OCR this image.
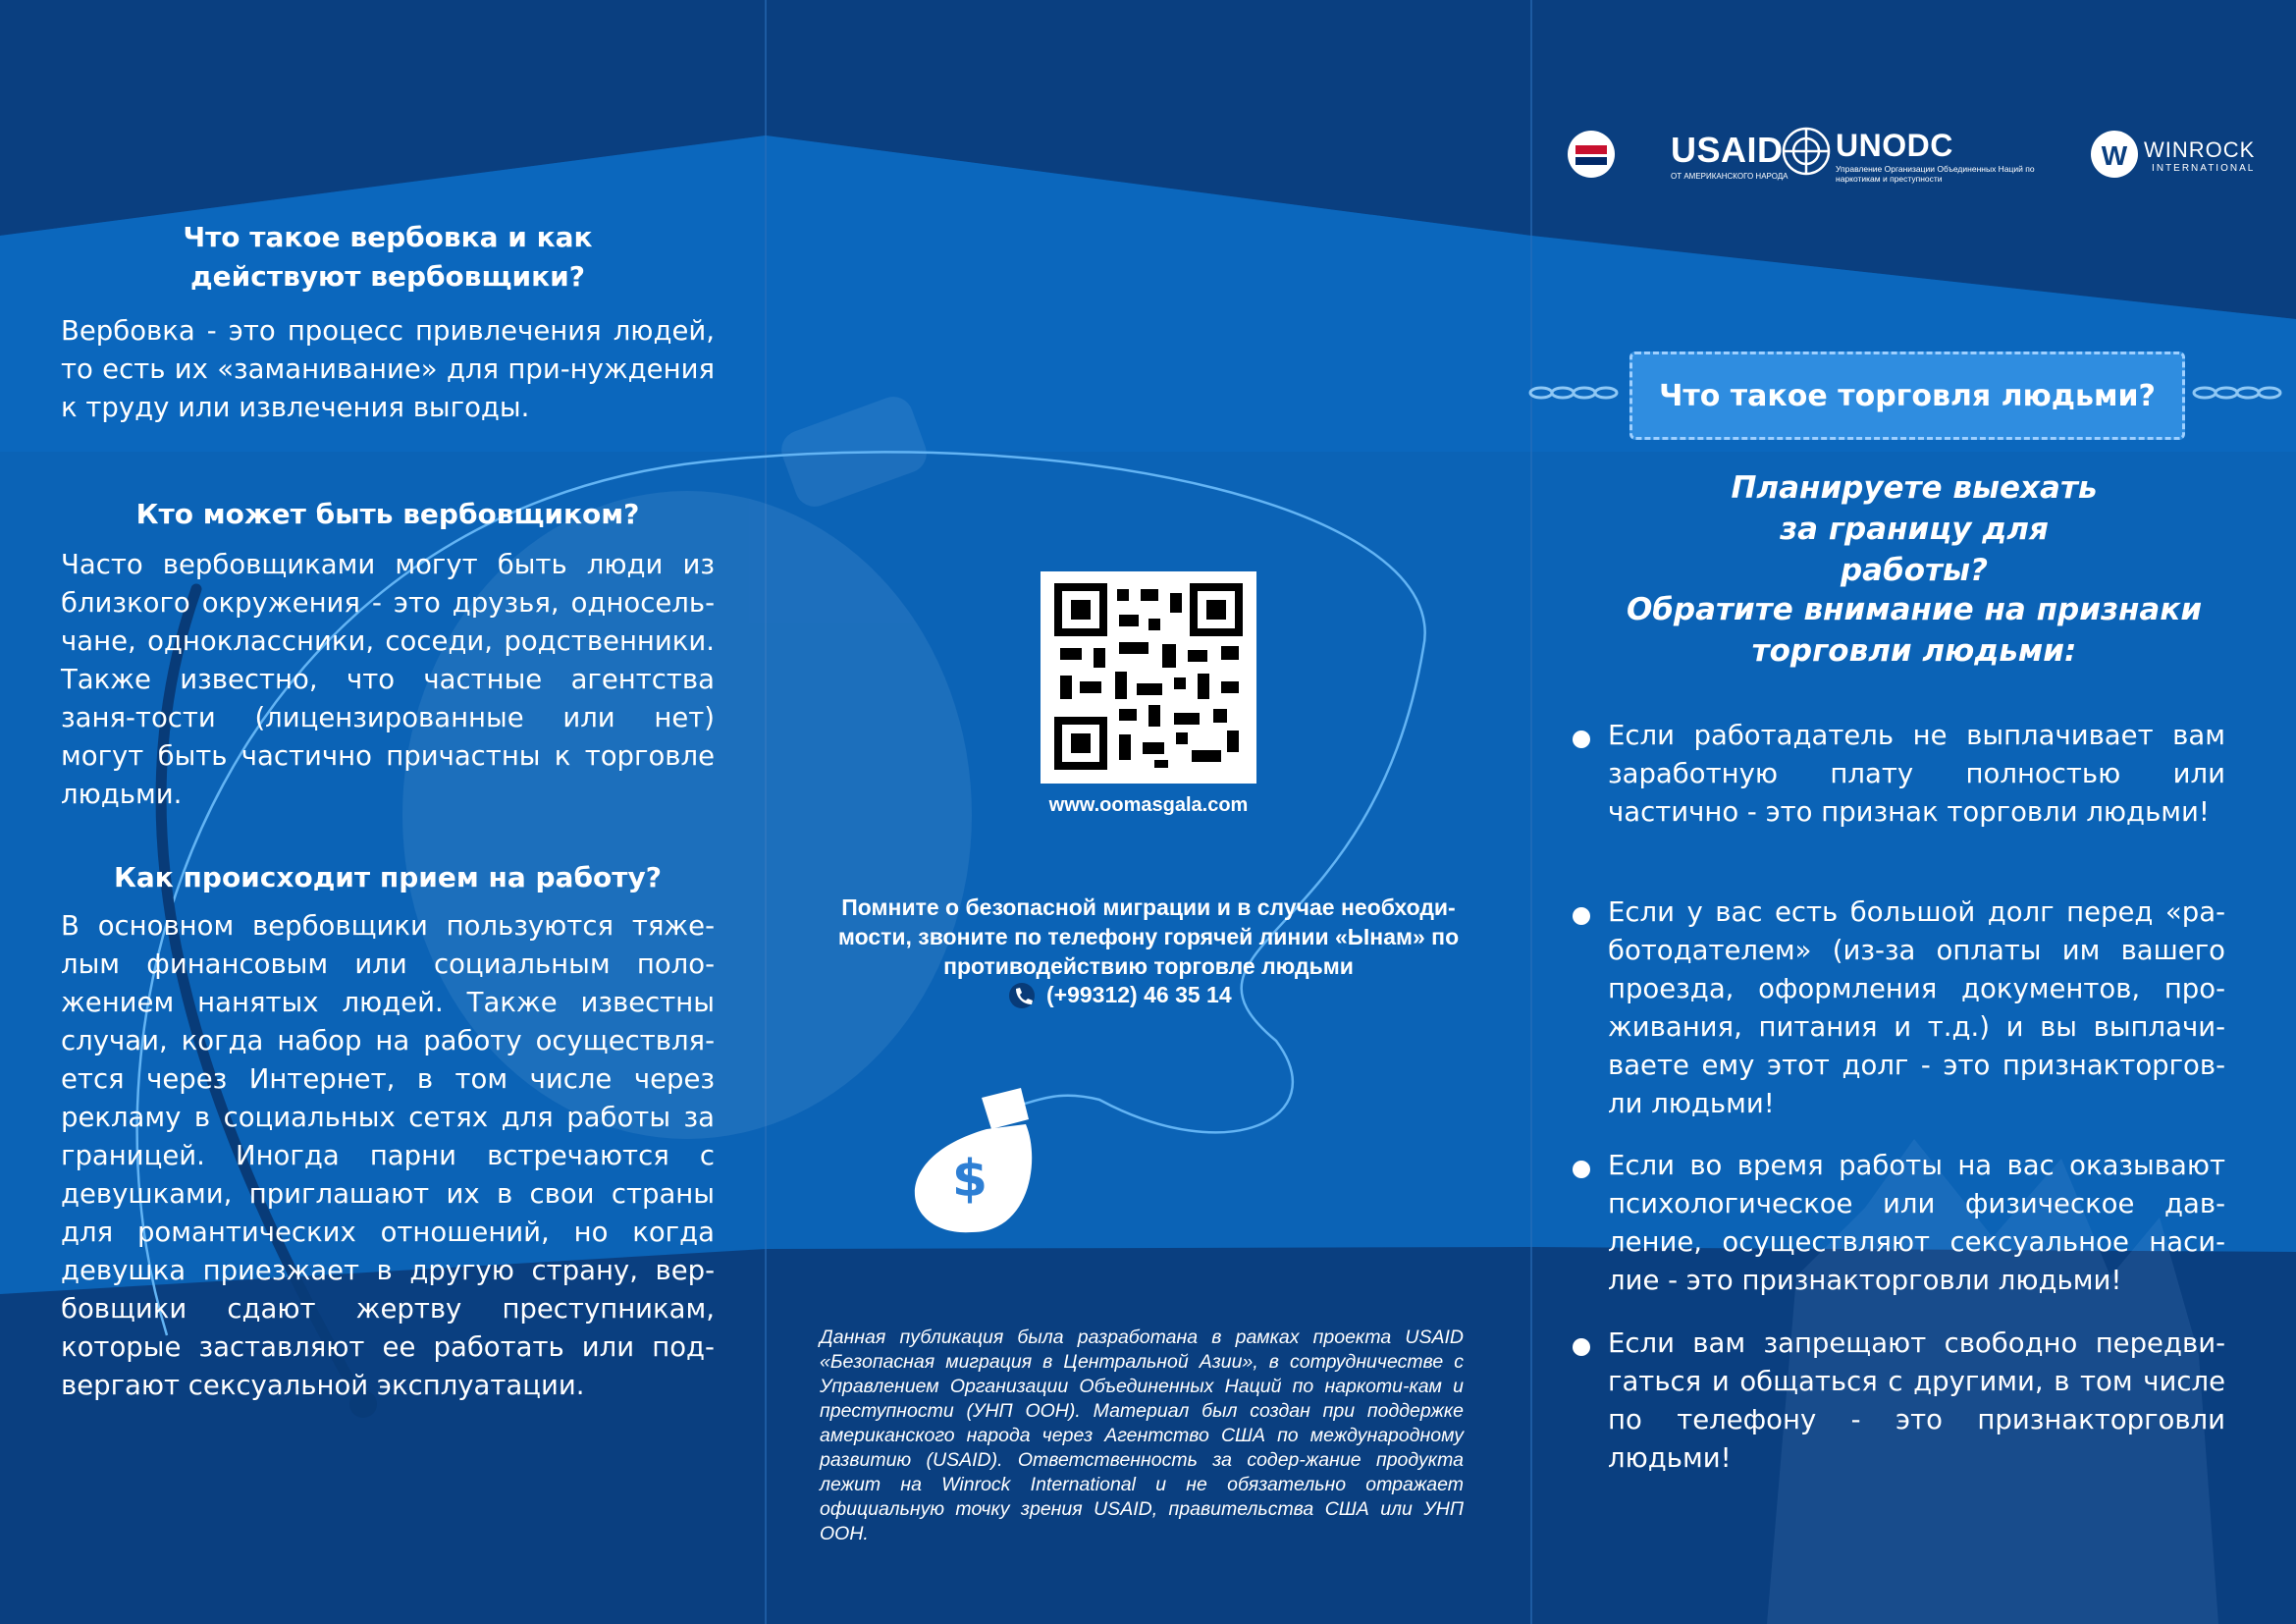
$
W
USAID
ОТ АМЕРИКАНСКОГО НАРОДА
UNODC
Управление Организации Объединенных Наций по наркотикам и преступности
WINROCK
INTERNATIONAL
Что такое вербовка и как действуют вербовщики?

Вербовка - это процесс привлечения людей, то есть их «заманивание» для при-нуждения к труду или извлечения выгоды.

Кто может быть вербовщиком?

Часто вербовщиками могут быть люди из близкого окружения - это друзья, односель-чане, одноклассники, соседи, родственники. Также известно, что частные агентства заня-тости (лицензированные или нет) могут быть частично причастны к торговле людьми.

Как происходит прием на работу?

В основном вербовщики пользуются тяже-лым финансовым или социальным поло-жением нанятых людей. Также известны случаи, когда набор на работу осуществля-ется через Интернет, в том числе через рекламу в социальных сетях для работы за границей. Иногда парни встречаются с девушками, приглашают их в свои страны для романтических отношений, но когда девушка приезжает в другую страну, вер-бовщики сдают жертву преступникам, которые заставляют ее работать или под-вергают сексуальной эксплуатации.

www.oomasgala.com
Помните о безопасной миграции и в случае необходи-мости, звоните по телефону горячей линии «Ынам» по противодействию торговле людьми
(+99312) 46 35 14
Данная публикация была разработана в рамках проекта USAID «Безопасная миграция в Центральной Азии», в сотрудничестве с Управлением Организации Объединенных Наций по наркоти-кам и преступности (УНП ООН). Материал был создан при поддержке американского народа через Агентство США по международному развитию (USAID). Ответственность за содер-жание продукта лежит на Winrock International и не обязательно отражает официальную точку зрения USAID, правительства США или УНП ООН.
Что такое торговля людьми?
Планируете выехать за границу для работы?
Обратите внимание на признаки торговли людьми:

Если работадатель не выплачивает вам заработную плату полностью или частично - это признак торговли людьми!

Если у вас есть большой долг перед «ра-ботодателем» (из-за оплаты им вашего проезда, оформления документов, про-живания, питания и т.д.) и вы выплачи-ваете ему этот долг - это признакторгов-ли людьми!

Если во время работы на вас оказывают психологическое или физическое дав-ление, осуществляют сексуальное наси-лие - это признакторговли людьми!

Если вам запрещают свободно передви-гаться и общаться с другими, в том числе по телефону - это признакторговли людьми!
